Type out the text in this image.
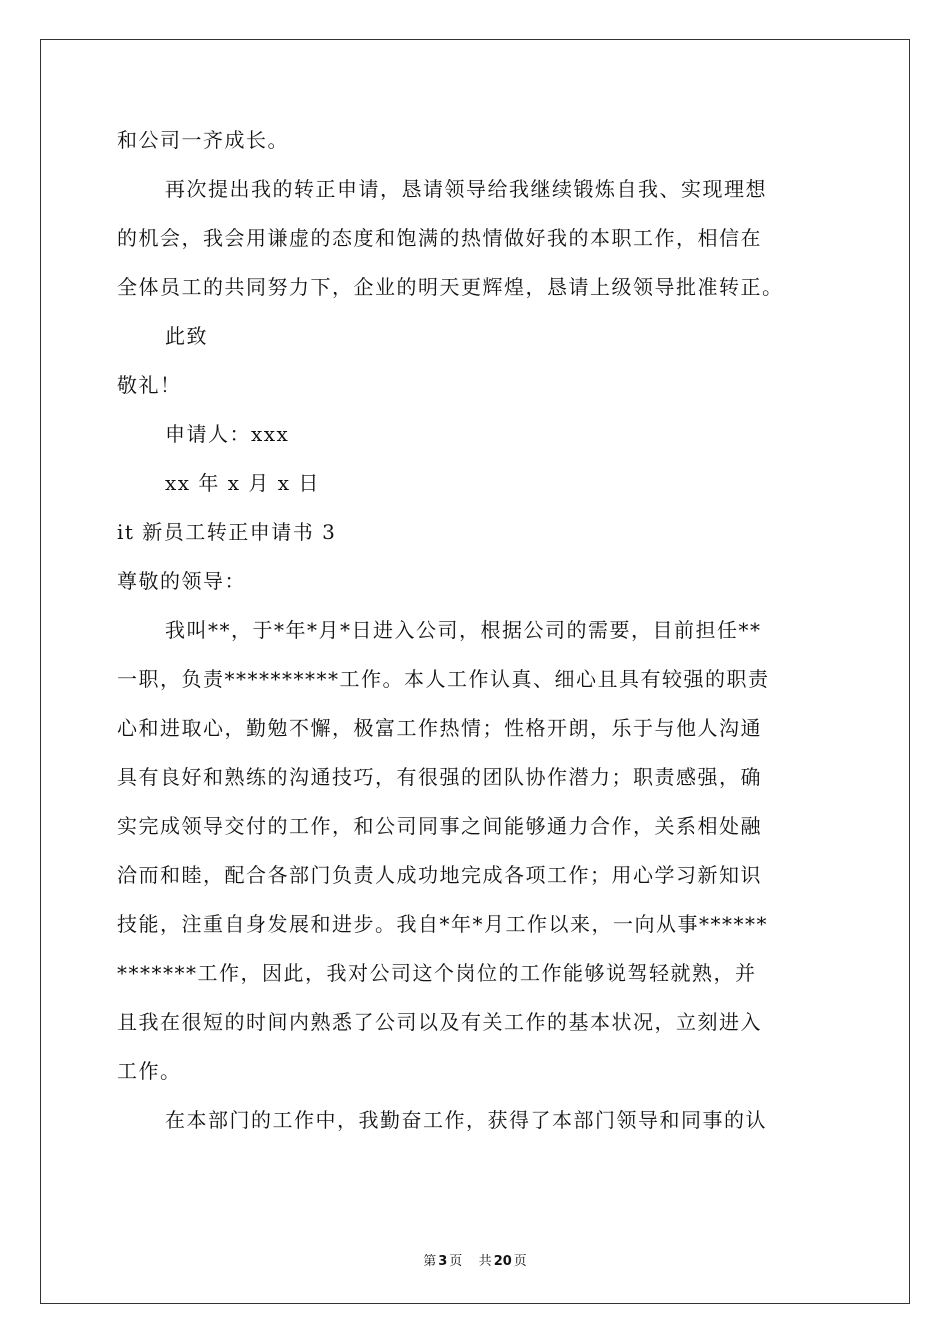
和公司一齐成长。
再次提出我的转正申请，恳请领导给我继续锻炼自我、实现理想
的机会，我会用谦虚的态度和饱满的热情做好我的本职工作，相信在
全体员工的共同努力下，企业的明天更辉煌，恳请上级领导批准转正。
此致
敬礼！
申请人：xxx
xx 年 x 月 x 日
it 新员工转正申请书 3
尊敬的领导：
我叫**，于*年*月*日进入公司，根据公司的需要，目前担任**
一职，负责**********工作。本人工作认真、细心且具有较强的职责
心和进取心，勤勉不懈，极富工作热情；性格开朗，乐于与他人沟通
具有良好和熟练的沟通技巧，有很强的团队协作潜力；职责感强，确
实完成领导交付的工作，和公司同事之间能够通力合作，关系相处融
洽而和睦，配合各部门负责人成功地完成各项工作；用心学习新知识
技能，注重自身发展和进步。我自*年*月工作以来，一向从事******
*******工作，因此，我对公司这个岗位的工作能够说驾轻就熟，并
且我在很短的时间内熟悉了公司以及有关工作的基本状况，立刻进入
工作。
在本部门的工作中，我勤奋工作，获得了本部门领导和同事的认
第 3 页 共 20 页
